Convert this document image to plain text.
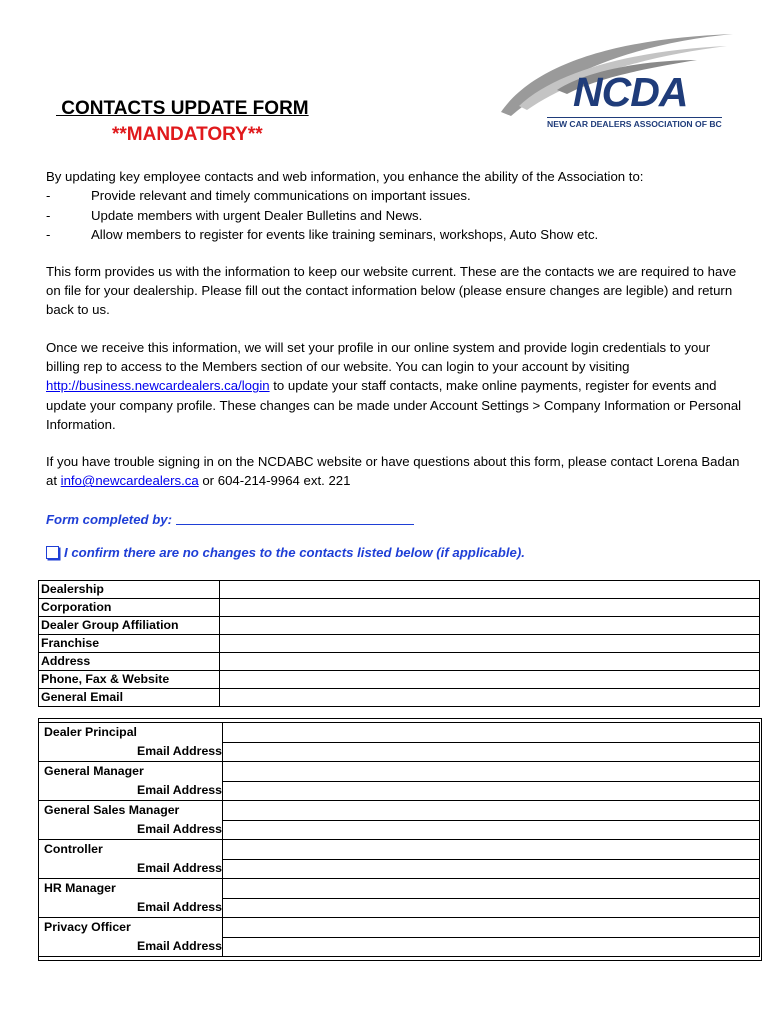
CONTACTS UPDATE FORM
**MANDATORY**
NCDA
NEW CAR DEALERS ASSOCIATION OF BC
By updating key employee contacts and web information, you enhance the ability of the Association to:
-	Provide relevant and timely communications on important issues.
-	Update members with urgent Dealer Bulletins and News.
-	Allow members to register for events like training seminars, workshops, Auto Show etc.
This form provides us with the information to keep our website current. These are the contacts we are required to have on file for your dealership. Please fill out the contact information below (please ensure changes are legible) and return back to us.
Once we receive this information, we will set your profile in our online system and provide login credentials to your billing rep to access to the Members section of our website. You can login to your account by visiting http://business.newcardealers.ca/login to update your staff contacts, make online payments, register for events and update your company profile. These changes can be made under Account Settings > Company Information or Personal Information.
If you have trouble signing in on the NCDABC website or have questions about this form, please contact Lorena Badan at info@newcardealers.ca or 604-214-9964 ext. 221
Form completed by:
I confirm there are no changes to the contacts listed below (if applicable).
Dealership	
Corporation	
Dealer Group Affiliation	
Franchise	
Address	
Phone, Fax & Website	
General Email	
Dealer Principal	
Email Address	
General Manager	
Email Address	
General Sales Manager	
Email Address	
Controller	
Email Address	
HR Manager	
Email Address	
Privacy Officer	
Email Address	
